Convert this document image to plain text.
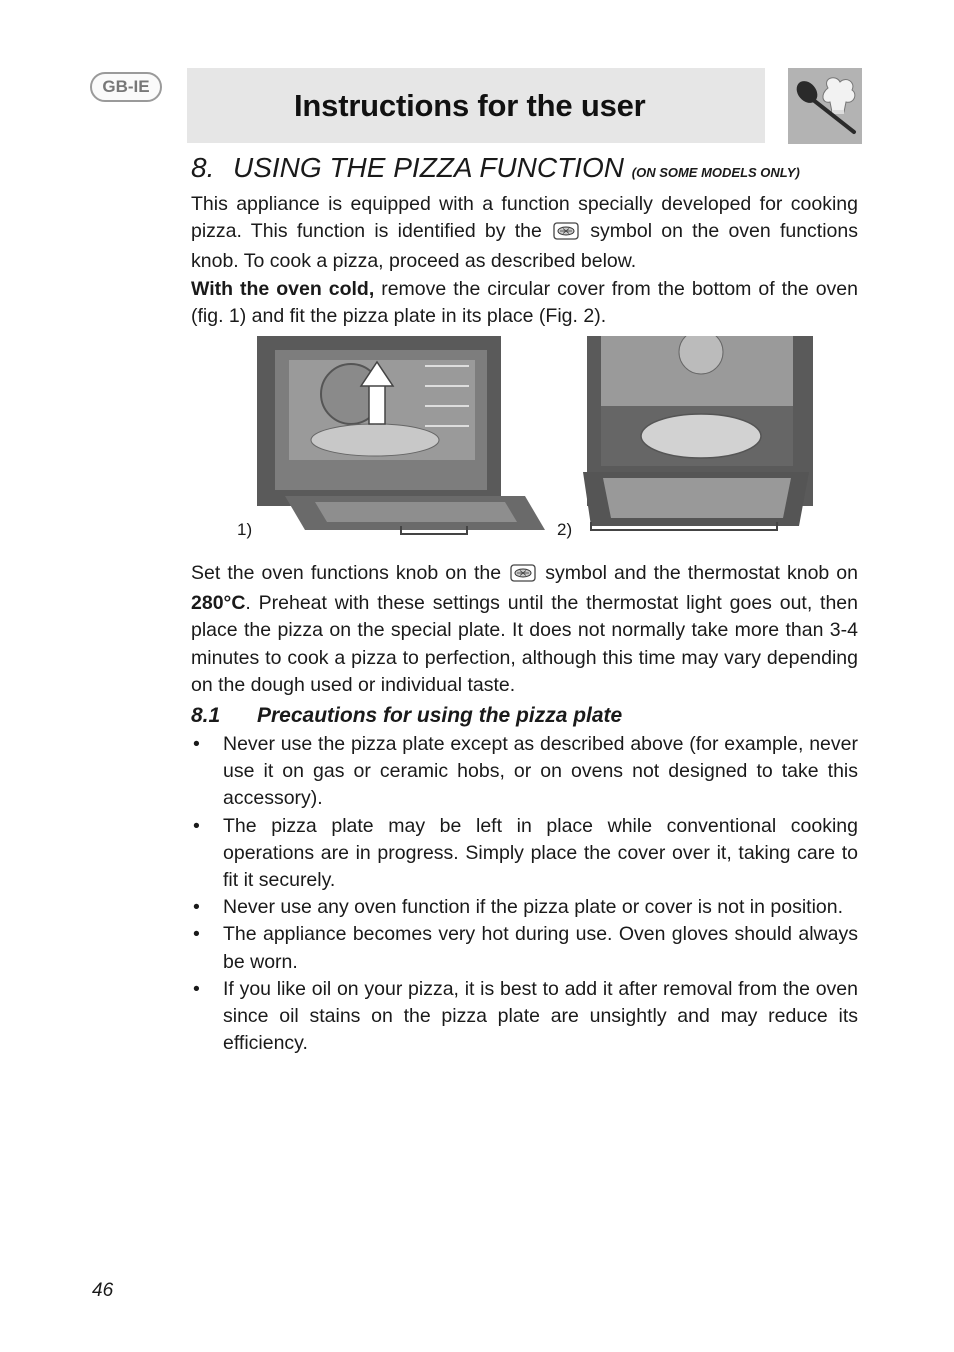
GB-IE
Instructions for the user
8. USING THE PIZZA FUNCTION (ON SOME MODELS ONLY)

This appliance is equipped with a function specially developed for cooking pizza. This function is identified by the symbol on the oven functions knob. To cook a pizza, proceed as described below.

With the oven cold, remove the circular cover from the bottom of the oven (fig. 1) and fit the pizza plate in its place (Fig. 2).

1)	2)

Set the oven functions knob on the symbol and the thermostat knob on 280°C. Preheat with these settings until the thermostat light goes out, then place the pizza on the special plate. It does not normally take more than 3-4 minutes to cook a pizza to perfection, although this time may vary depending on the dough used or individual taste.

8.1 Precautions for using the pizza plate
• Never use the pizza plate except as described above (for example, never use it on gas or ceramic hobs, or on ovens not designed to take this accessory).
• The pizza plate may be left in place while conventional cooking operations are in progress. Simply place the cover over it, taking care to fit it securely.
• Never use any oven function if the pizza plate or cover is not in position.
• The appliance becomes very hot during use. Oven gloves should always be worn.
• If you like oil on your pizza, it is best to add it after removal from the oven since oil stains on the pizza plate are unsightly and may reduce its efficiency.
46
